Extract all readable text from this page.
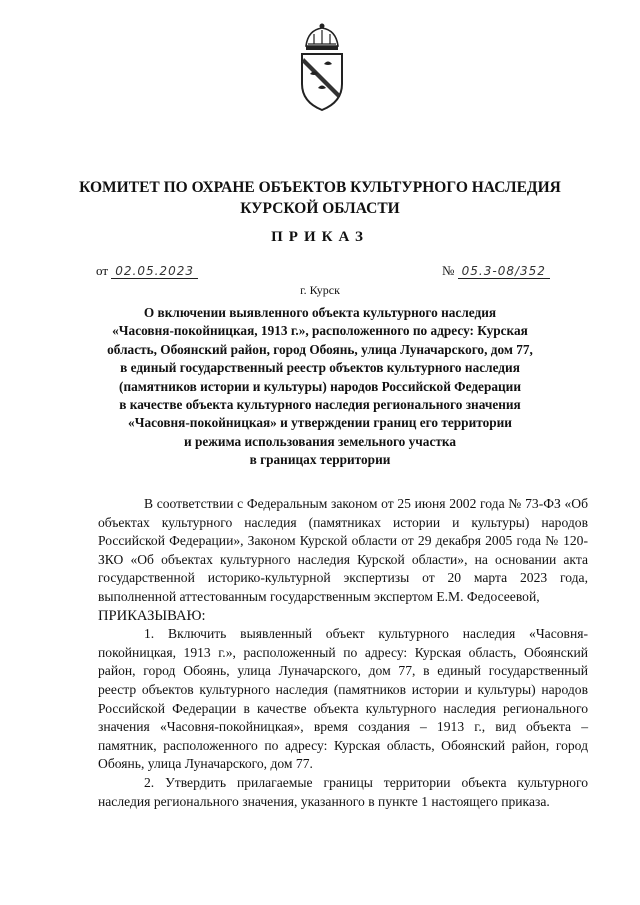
КОМИТЕТ ПО ОХРАНЕ ОБЪЕКТОВ КУЛЬТУРНОГО НАСЛЕДИЯ
КУРСКОЙ ОБЛАСТИ
ПРИКАЗ
от 02.05.2023	№ 05.3-08/352
г. Курск
О включении выявленного объекта культурного наследия
«Часовня-покойницкая, 1913 г.», расположенного по адресу: Курская
область, Обоянский район, город Обоянь, улица Луначарского, дом 77,
в единый государственный реестр объектов культурного наследия
(памятников истории и культуры) народов Российской Федерации
в качестве объекта культурного наследия регионального значения
«Часовня-покойницкая» и утверждении границ его территории
и режима использования земельного участка
в границах территории

В соответствии с Федеральным законом от 25 июня 2002 года № 73-ФЗ «Об объектах культурного наследия (памятниках истории и культуры) народов Российской Федерации», Законом Курской области от 29 декабря 2005 года № 120-ЗКО «Об объектах культурного наследия Курской области», на основании акта государственной историко-культурной экспертизы от 20 марта 2023 года, выполненной аттестованным государственным экспертом Е.М. Федосеевой,

ПРИКАЗЫВАЮ:

1. Включить выявленный объект культурного наследия «Часовня-покойницкая, 1913 г.», расположенный по адресу: Курская область, Обоянский район, город Обоянь, улица Луначарского, дом 77, в единый государственный реестр объектов культурного наследия (памятников истории и культуры) народов Российской Федерации в качестве объекта культурного наследия регионального значения «Часовня-покойницкая», время создания – 1913 г., вид объекта – памятник, расположенного по адресу: Курская область, Обоянский район, город Обоянь, улица Луначарского, дом 77.

2. Утвердить прилагаемые границы территории объекта культурного наследия регионального значения, указанного в пункте 1 настоящего приказа.
